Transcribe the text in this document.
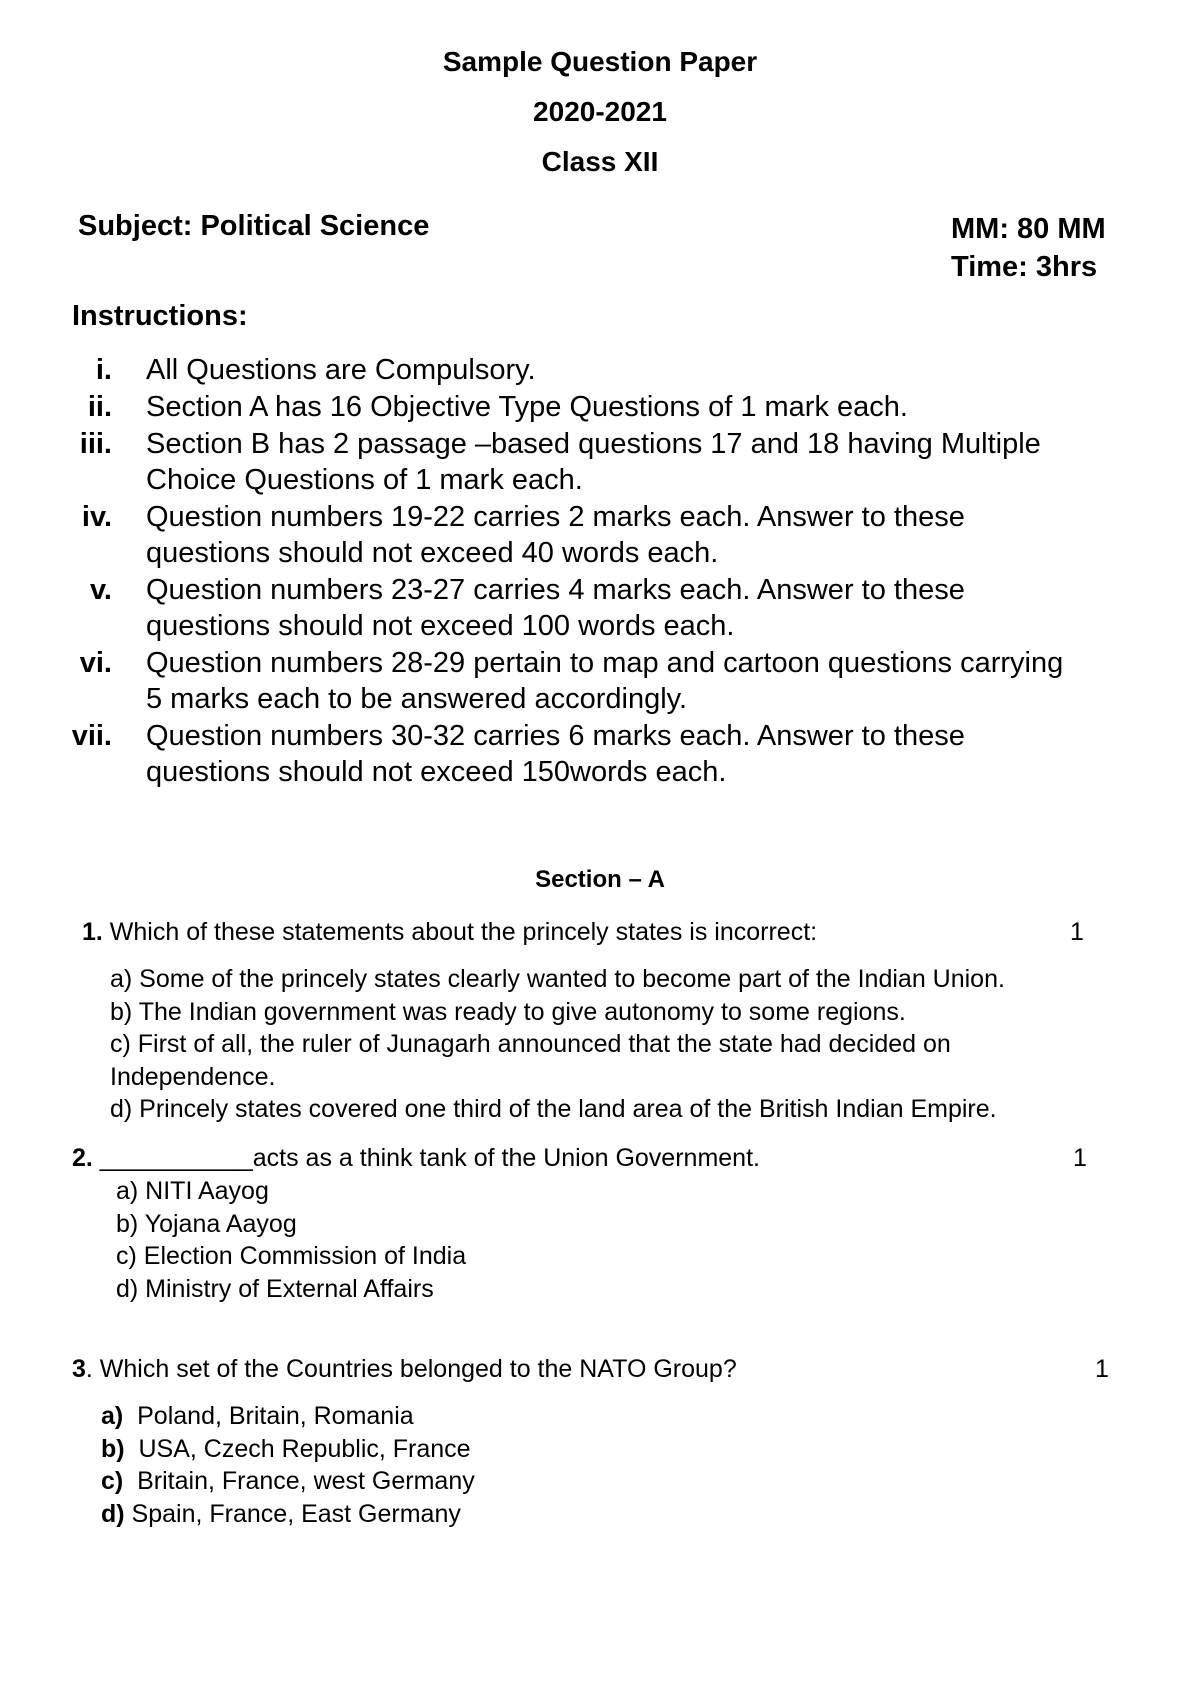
Sample Question Paper
2020-2021
Class XII
Subject: Political Science	MM: 80 MM
Time: 3hrs
Instructions:
i. All Questions are Compulsory.
ii. Section A has 16 Objective Type Questions of 1 mark each.
iii. Section B has 2 passage –based questions 17 and 18 having Multiple Choice Questions of 1 mark each.
iv. Question numbers 19-22 carries 2 marks each. Answer to these questions should not exceed 40 words each.
v. Question numbers 23-27 carries 4 marks each. Answer to these questions should not exceed 100 words each.
vi. Question numbers 28-29 pertain to map and cartoon questions carrying 5 marks each to be answered accordingly.
vii. Question numbers 30-32 carries 6 marks each. Answer to these questions should not exceed 150words each.
Section – A
1. Which of these statements about the princely states is incorrect:	1
a) Some of the princely states clearly wanted to become part of the Indian Union.
b) The Indian government was ready to give autonomy to some regions.
c) First of all, the ruler of Junagarh announced that the state had decided on Independence.
d) Princely states covered one third of the land area of the British Indian Empire.
2. ___________acts as a think tank of the Union Government.	1
a) NITI Aayog
b) Yojana Aayog
c) Election Commission of India
d) Ministry of External Affairs
3. Which set of the Countries belonged to the NATO Group?	1
a)  Poland, Britain, Romania
b)  USA, Czech Republic, France
c)  Britain, France, west Germany
d) Spain, France, East Germany
